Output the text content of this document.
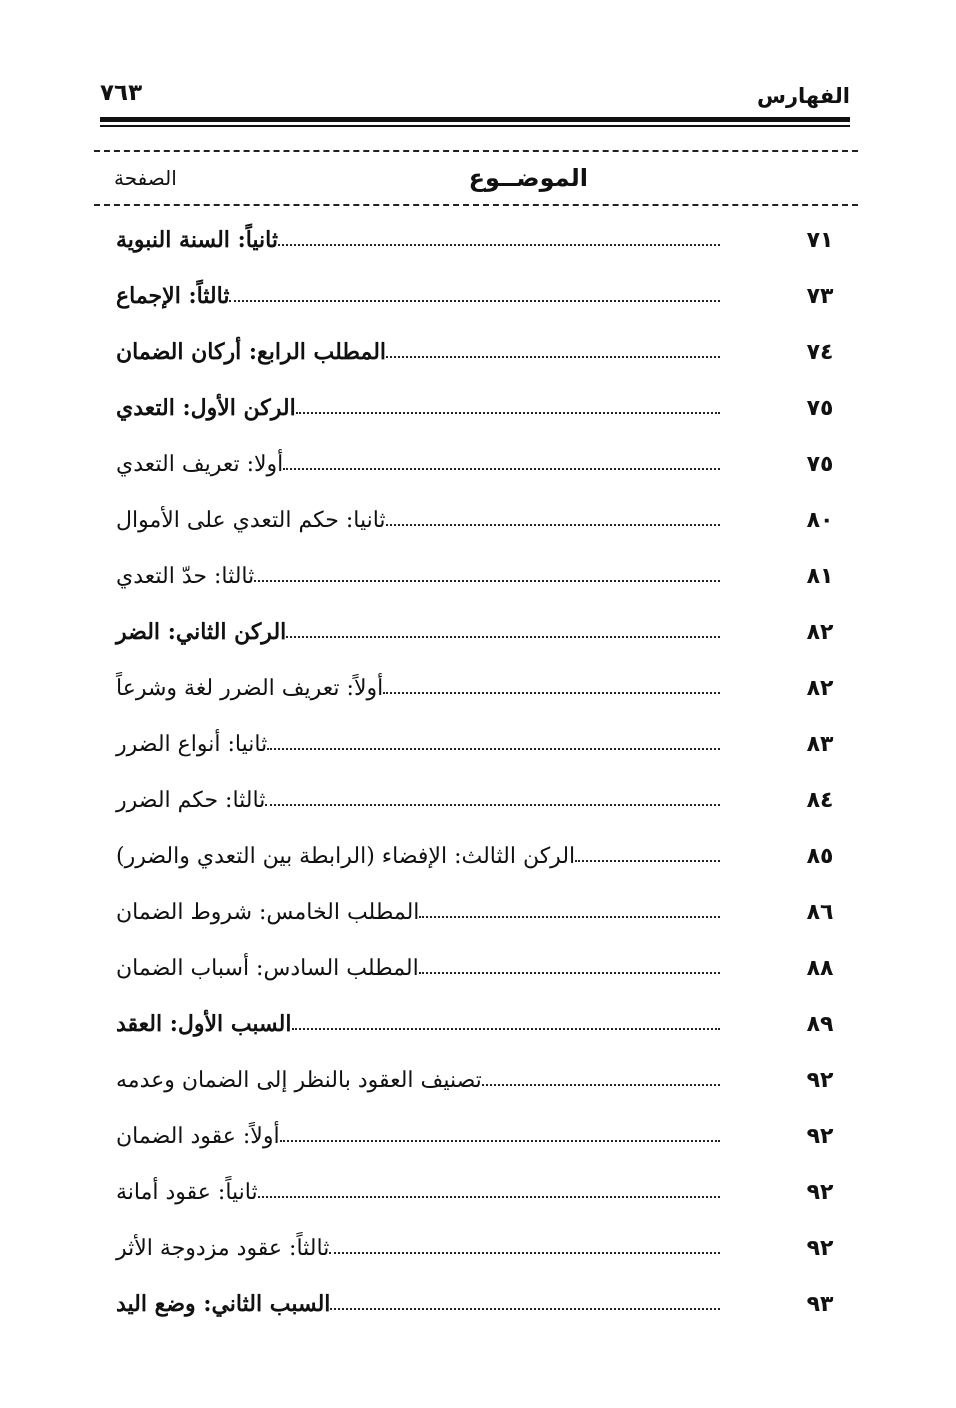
الفهارس
٧٦٣
الموضــوع
الصفحة
ثانياً: السنة النبوية	٧١
ثالثاً: الإجماع	٧٣
المطلب الرابع: أركان الضمان	٧٤
الركن الأول: التعدي	٧٥
أولا: تعريف التعدي	٧٥
ثانيا: حكم التعدي على الأموال	٨٠
ثالثا: حدّ التعدي	٨١
الركن الثاني: الضر	٨٢
أولاً: تعريف الضرر لغة وشرعاً	٨٢
ثانيا: أنواع الضرر	٨٣
ثالثا: حكم الضرر	٨٤
الركن الثالث: الإفضاء (الرابطة بين التعدي والضرر)	٨٥
المطلب الخامس: شروط الضمان	٨٦
المطلب السادس: أسباب الضمان	٨٨
السبب الأول: العقد	٨٩
تصنيف العقود بالنظر إلى الضمان وعدمه	٩٢
أولاً: عقود الضمان	٩٢
ثانياً: عقود أمانة	٩٢
ثالثاً: عقود مزدوجة الأثر	٩٢
السبب الثاني: وضع اليد	٩٣
